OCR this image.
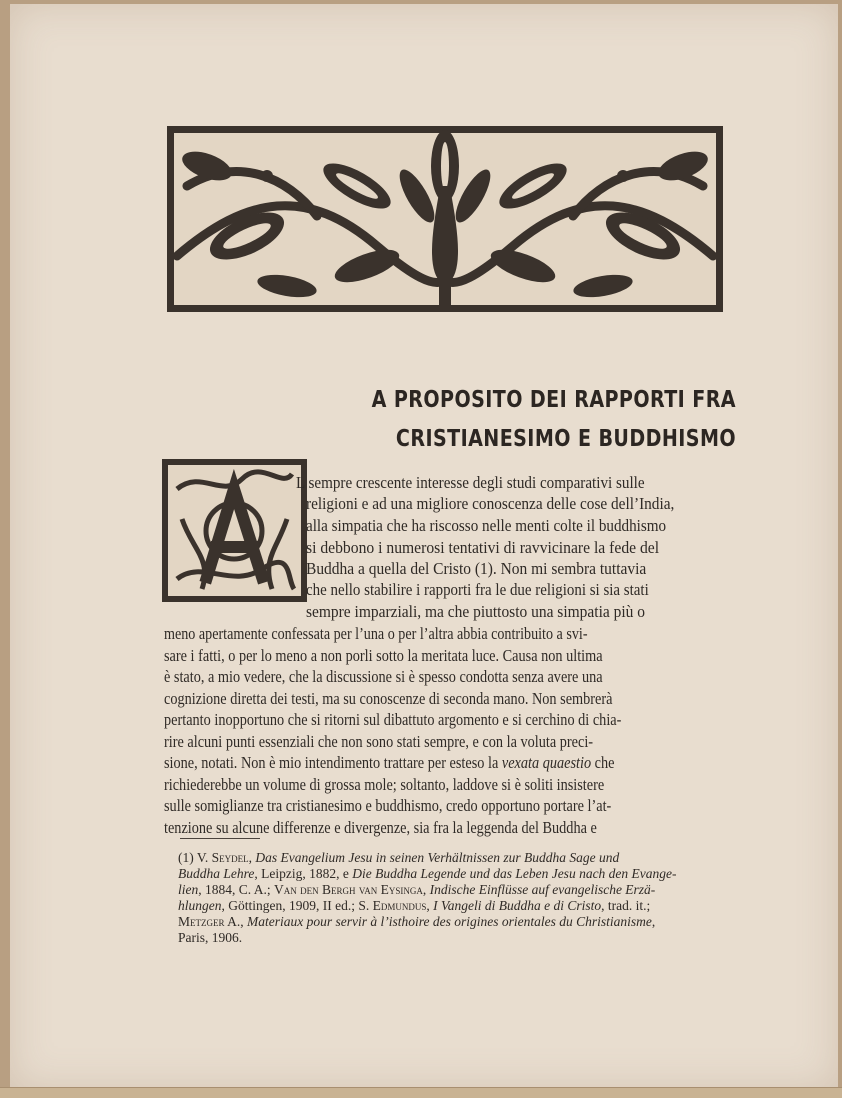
A PROPOSITO DEI RAPPORTI FRA
CRISTIANESIMO E BUDDHISMO
L sempre crescente interesse degli studi comparativi sulle
religioni e ad una migliore conoscenza delle cose dell’India,
alla simpatia che ha riscosso nelle menti colte il buddhismo
si debbono i numerosi tentativi di ravvicinare la fede del
Buddha a quella del Cristo (1). Non mi sembra tuttavia
che nello stabilire i rapporti fra le due religioni si sia stati
sempre imparziali, ma che piuttosto una simpatia più o
meno apertamente confessata per l’una o per l’altra abbia contribuito a svi-
sare i fatti, o per lo meno a non porli sotto la meritata luce. Causa non ultima
è stato, a mio vedere, che la discussione si è spesso condotta senza avere una
cognizione diretta dei testi, ma su conoscenze di seconda mano. Non sembrerà
pertanto inopportuno che si ritorni sul dibattuto argomento e si cerchino di chia-
rire alcuni punti essenziali che non sono stati sempre, e con la voluta preci-
sione, notati. Non è mio intendimento trattare per esteso la vexata quaestio che
richiederebbe un volume di grossa mole; soltanto, laddove si è soliti insistere
sulle somiglianze tra cristianesimo e buddhismo, credo opportuno portare l’at-
tenzione su alcune differenze e divergenze, sia fra la leggenda del Buddha e
(1) V. Seydel, Das Evangelium Jesu in seinen Verhältnissen zur Buddha Sage und
Buddha Lehre, Leipzig, 1882, e Die Buddha Legende und das Leben Jesu nach den Evange-
lien, 1884, C. A.; Van den Bergh van Eysinga, Indische Einflüsse auf evangelische Erzä-
hlungen, Göttingen, 1909, II ed.; S. Edmundus, I Vangeli di Buddha e di Cristo, trad. it.;
Metzger A., Materiaux pour servir à l’isthoire des origines orientales du Christianisme,
Paris, 1906.
